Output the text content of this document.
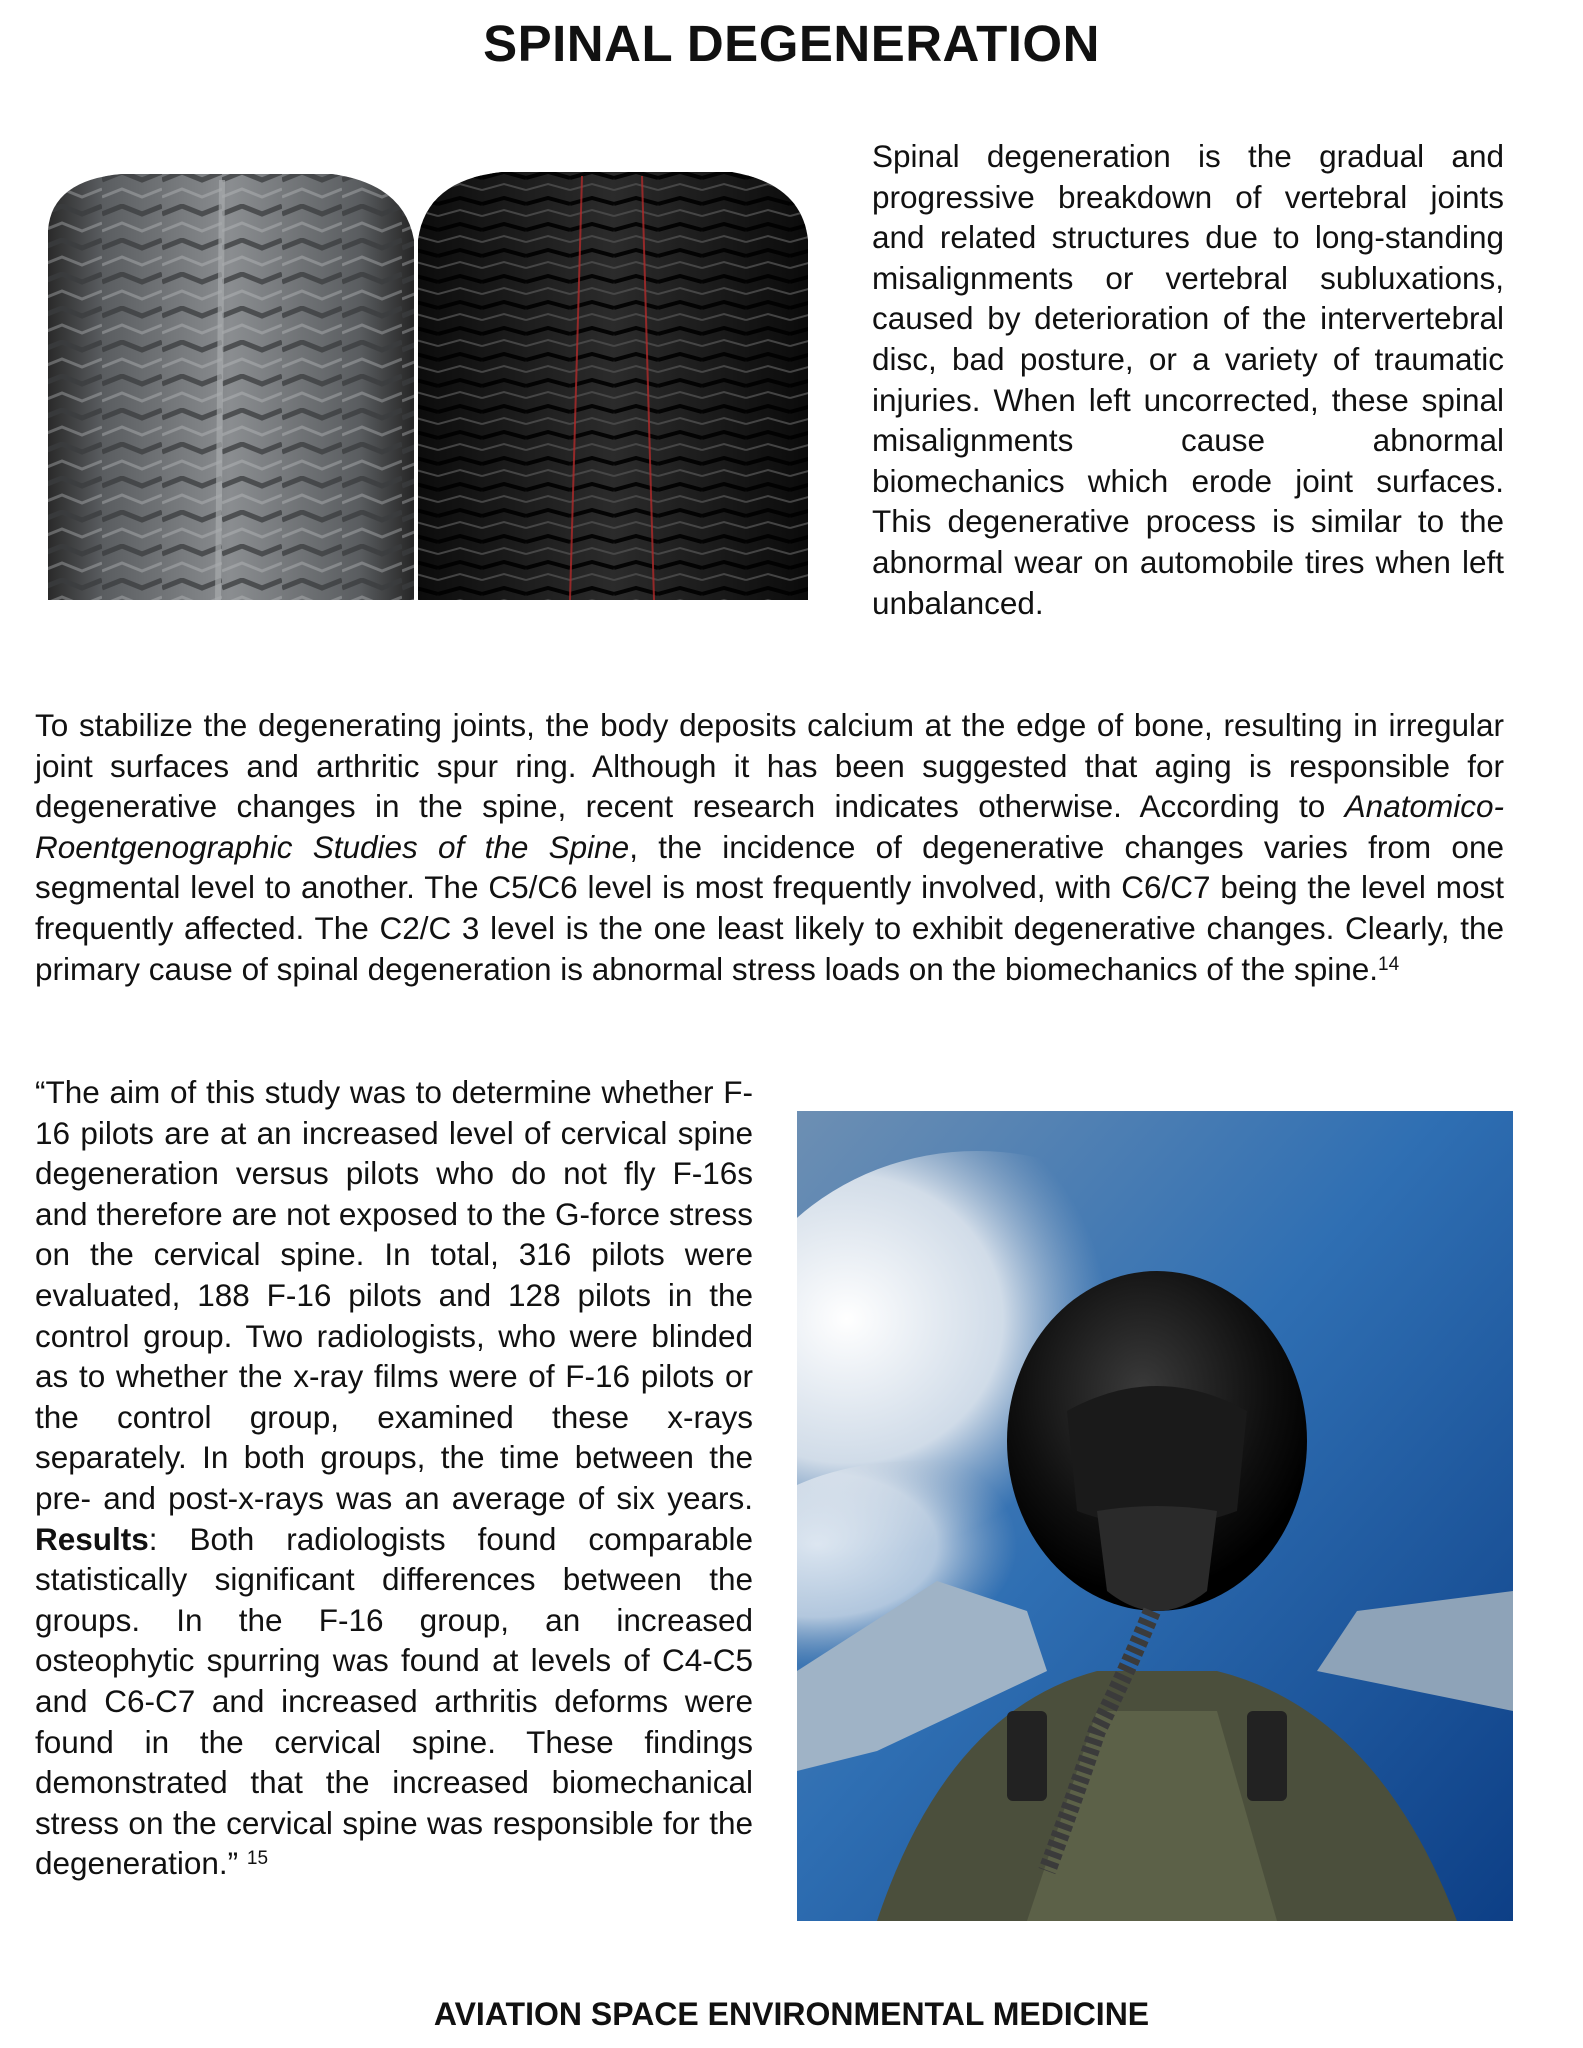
SPINAL DEGENERATION

Spinal degeneration is the gradual and progressive breakdown of vertebral joints and related structures due to long-standing misalignments or vertebral subluxations, caused by deterioration of the intervertebral disc, bad posture, or a variety of traumatic injuries. When left uncorrected, these spinal misalignments cause abnormal biomechanics which erode joint surfaces. This degenerative process is similar to the abnormal wear on automobile tires when left unbalanced.

To stabilize the degenerating joints, the body deposits calcium at the edge of bone, resulting in irregular joint surfaces and arthritic spur ring. Although it has been suggested that aging is responsible for degenerative changes in the spine, recent research indicates otherwise. According to Anatomico-Roentgenographic Studies of the Spine, the incidence of degenerative changes varies from one segmental level to another. The C5/C6 level is most frequently involved, with C6/C7 being the level most frequently affected. The C2/C 3 level is the one least likely to exhibit degenerative changes. Clearly, the primary cause of spinal degeneration is abnormal stress loads on the biomechanics of the spine.$^{14}$

“The aim of this study was to determine whether F-16 pilots are at an increased level of cervical spine degeneration versus pilots who do not fly F-16s and therefore are not exposed to the G-force stress on the cervical spine. In total, 316 pilots were evaluated, 188 F-16 pilots and 128 pilots in the control group. Two radiologists, who were blinded as to whether the x-ray films were of F-16 pilots or the control group, examined these x-rays separately. In both groups, the time between the pre- and post-x-rays was an average of six years. Results: Both radiologists found comparable statistically significant differences between the groups. In the F-16 group, an increased osteophytic spurring was found at levels of C4-C5 and C6-C7 and increased arthritis deforms were found in the cervical spine. These findings demonstrated that the increased biomechanical stress on the cervical spine was responsible for the degeneration.” $^{15}$

AVIATION SPACE ENVIRONMENTAL MEDICINE
